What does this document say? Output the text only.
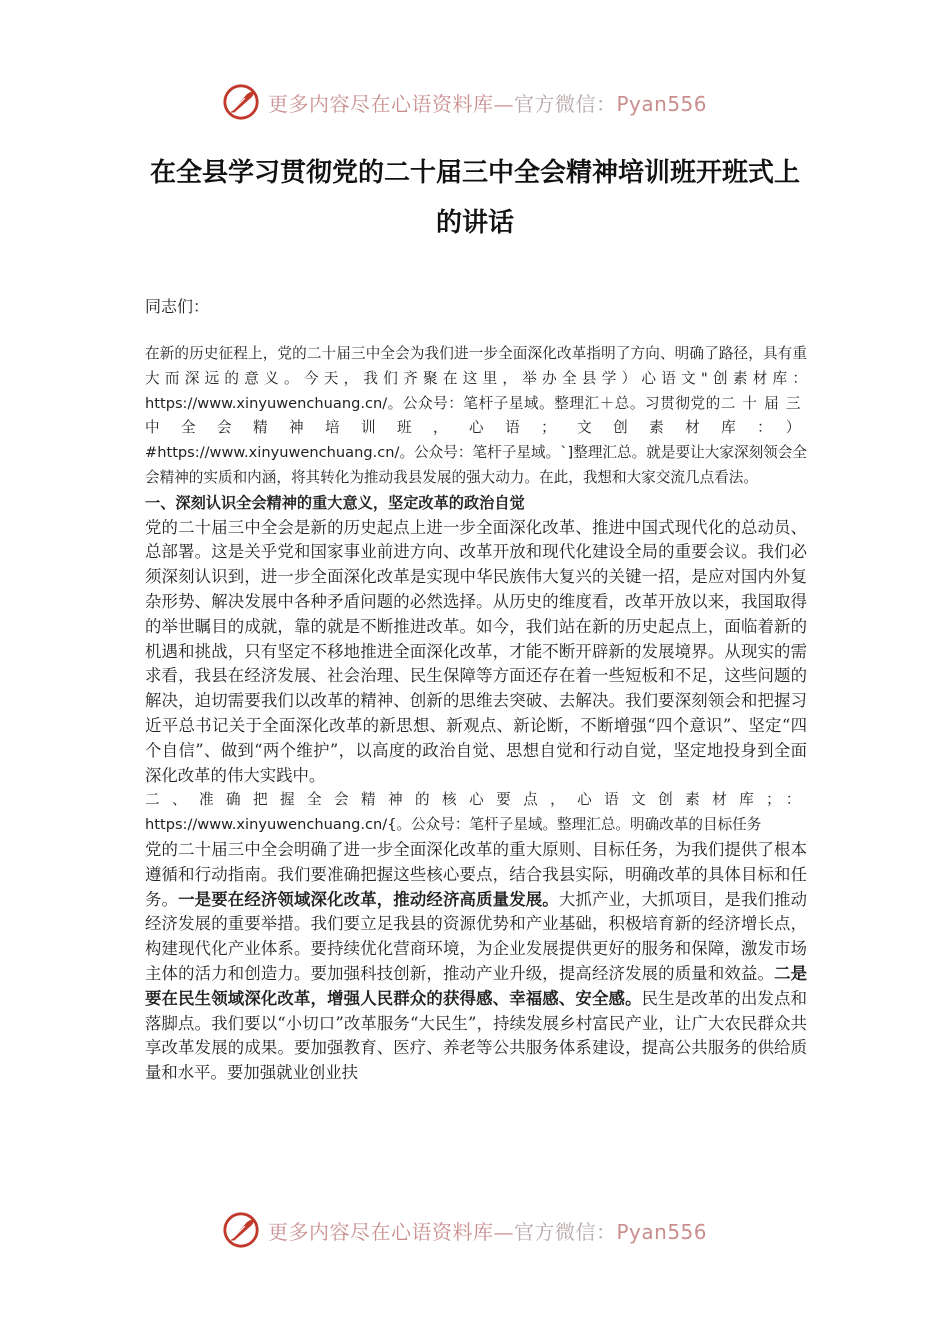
更多内容尽在心语资料库—官方微信：Pyan556
在全县学习贯彻党的二十届三中全会精神培训班开班式上的讲话
同志们：

在新的历史征程上，党的二十届三中全会为我们进一步全面深化改革指明了方向、明确了路径，具有重大而深远的意义。今天，我们齐聚在这里，举办全县学）心语文"创素材库：https://www.xinyuwenchuang.cn/。公众号：笔杆子星域。整理汇＋总。习贯彻党的二十届三中全会精神培训班，心语；文创素材库：）#https://www.xinyuwenchuang.cn/。公众号：笔杆子星域。`]整理汇总。就是要让大家深刻领会全会精神的实质和内涵，将其转化为推动我县发展的强大动力。在此，我想和大家交流几点看法。

一、深刻认识全会精神的重大意义，坚定改革的政治自觉

党的二十届三中全会是新的历史起点上进一步全面深化改革、推进中国式现代化的总动员、总部署。这是关乎党和国家事业前进方向、改革开放和现代化建设全局的重要会议。我们必须深刻认识到，进一步全面深化改革是实现中华民族伟大复兴的关键一招，是应对国内外复杂形势、解决发展中各种矛盾问题的必然选择。从历史的维度看，改革开放以来，我国取得的举世瞩目的成就，靠的就是不断推进改革。如今，我们站在新的历史起点上，面临着新的机遇和挑战，只有坚定不移地推进全面深化改革，才能不断开辟新的发展境界。从现实的需求看，我县在经济发展、社会治理、民生保障等方面还存在着一些短板和不足，这些问题的解决，迫切需要我们以改革的精神、创新的思维去突破、去解决。我们要深刻领会和把握习近平总书记关于全面深化改革的新思想、新观点、新论断，不断增强“四个意识”、坚定“四个自信”、做到“两个维护”，以高度的政治自觉、思想自觉和行动自觉，坚定地投身到全面深化改革的伟大实践中。

二、准确把握全会精神的核心要点，心语文创素材库；：https://www.xinyuwenchuang.cn/{。公众号：笔杆子星域。整理汇总。明确改革的目标任务

党的二十届三中全会明确了进一步全面深化改革的重大原则、目标任务，为我们提供了根本遵循和行动指南。我们要准确把握这些核心要点，结合我县实际，明确改革的具体目标和任务。一是要在经济领域深化改革，推动经济高质量发展。大抓产业，大抓项目，是我们推动经济发展的重要举措。我们要立足我县的资源优势和产业基础，积极培育新的经济增长点，构建现代化产业体系。要持续优化营商环境，为企业发展提供更好的服务和保障，激发市场主体的活力和创造力。要加强科技创新，推动产业升级，提高经济发展的质量和效益。二是要在民生领域深化改革，增强人民群众的获得感、幸福感、安全感。民生是改革的出发点和落脚点。我们要以“小切口”改革服务“大民生”，持续发展乡村富民产业，让广大农民群众共享改革发展的成果。要加强教育、医疗、养老等公共服务体系建设，提高公共服务的供给质量和水平。要加强就业创业扶

更多内容尽在心语资料库—官方微信：Pyan556
